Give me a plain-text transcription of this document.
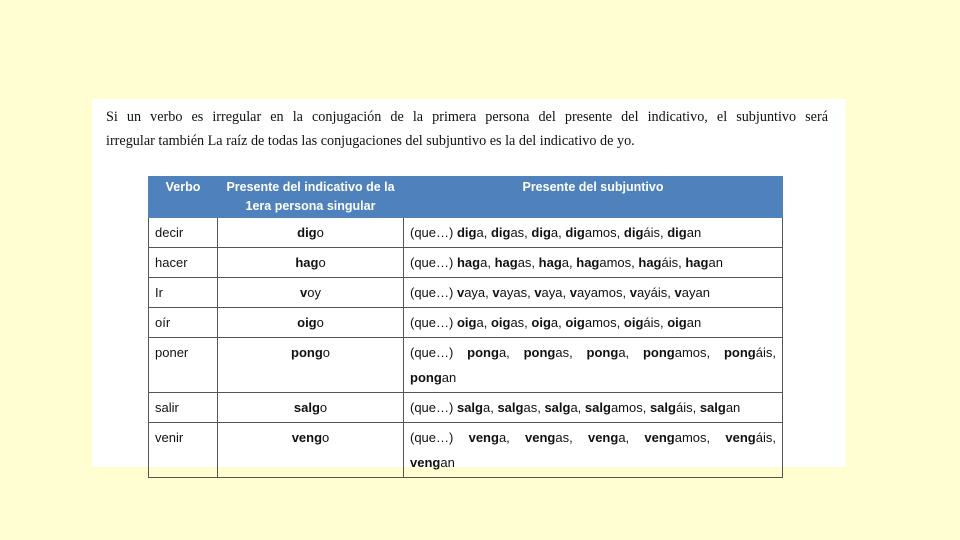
Si un verbo es irregular en la conjugación de la primera persona del presente del indicativo, el subjuntivo será
irregular también La raíz de todas las conjugaciones del subjuntivo es la del indicativo de yo.

Verbo	Presente del indicativo de la 1era persona singular	Presente del subjuntivo
decir	digo	(que…) diga, digas, diga, digamos, digáis, digan
hacer	hago	(que…) haga, hagas, haga, hagamos, hagáis, hagan
Ir	voy	(que…) vaya, vayas, vaya, vayamos, vayáis, vayan
oír	oigo	(que…) oiga, oigas, oiga, oigamos, oigáis, oigan
poner	pongo	(que…) ponga, pongas, ponga, pongamos, pongáis,
pongan
salir	salgo	(que…) salga, salgas, salga, salgamos, salgáis, salgan
venir	vengo	(que…) venga, vengas, venga, vengamos, vengáis,
vengan
